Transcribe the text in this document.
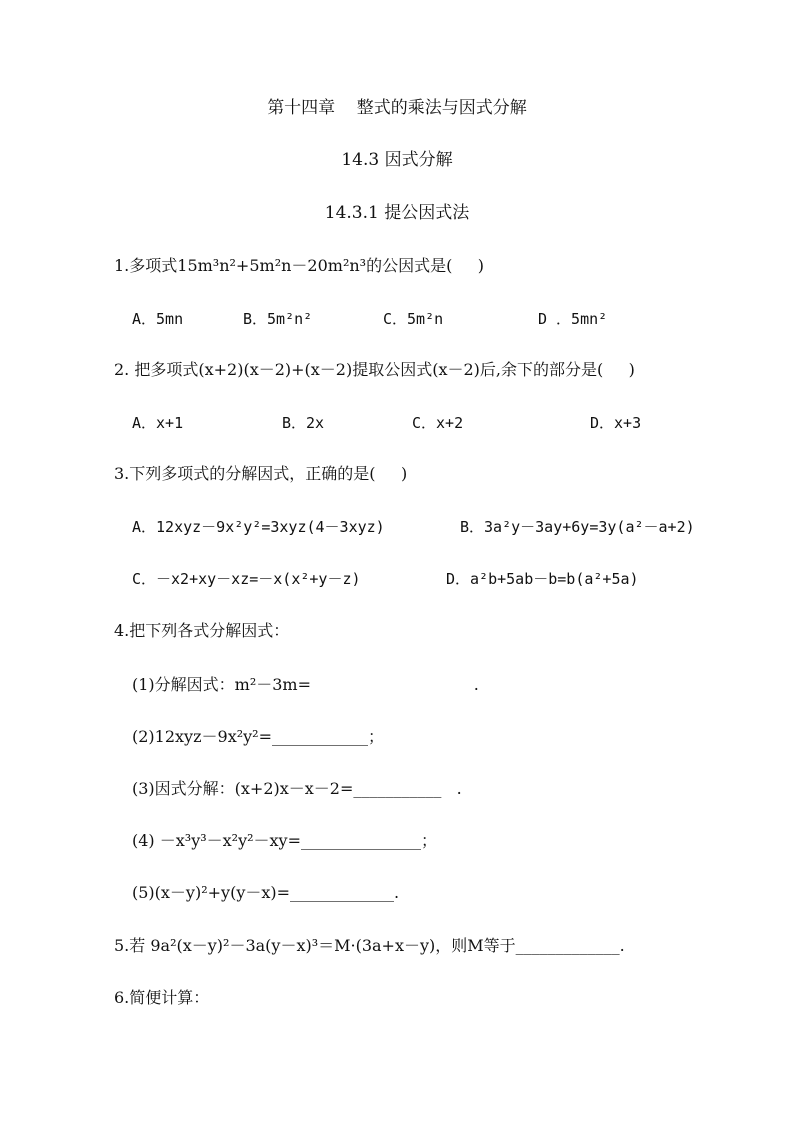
第十四章    整式的乘法与因式分解
14.3 因式分解
14.3.1 提公因式法
1.多项式15m³n²+5m²n－20m²n³的公因式是(     )
A．5mn	B．5m²n²	C．5m²n	D ．5mn²
2. 把多项式(x+2)(x－2)+(x－2)提取公因式(x－2)后,余下的部分是(     )
A．x+1	B．2x	C．x+2	D．x+3
3.下列多项式的分解因式，正确的是(     )
A．12xyz－9x²y²=3xyz(4－3xyz)	B．3a²y－3ay+6y=3y(a²－a+2)
C．－x2+xy－xz=－x(x²+y－z)	D．a²b+5ab－b=b(a²+5a)
4.把下列各式分解因式：
(1)分解因式：m²－3m=                                .
(2)12xyz－9x²y²=____________；
(3)因式分解：(x+2)x－x－2=___________   .
(4) －x³y³－x²y²－xy=_______________；
(5)(x－y)²+y(y－x)=_____________.
5.若 9a²(x－y)²－3a(y－x)³＝M·(3a+x－y)，则M等于_____________.
6.简便计算：
